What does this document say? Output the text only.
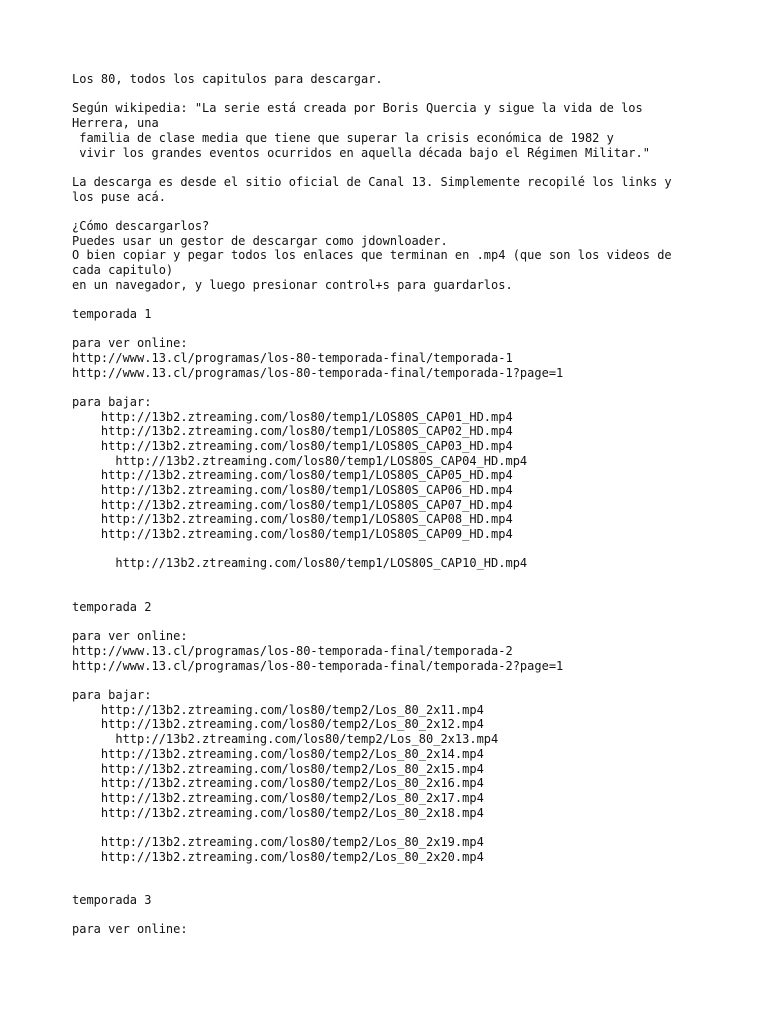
Los 80, todos los capitulos para descargar.

Según wikipedia: "La serie está creada por Boris Quercia y sigue la vida de los

Herrera, una

familia de clase media que tiene que superar la crisis económica de 1982 y

vivir los grandes eventos ocurridos en aquella década bajo el Régimen Militar."

La descarga es desde el sitio oficial de Canal 13. Simplemente recopilé los links y

los puse acá.

¿Cómo descargarlos?

Puedes usar un gestor de descargar como jdownloader.

O bien copiar y pegar todos los enlaces que terminan en .mp4 (que son los videos de

cada capitulo)

en un navegador, y luego presionar control+s para guardarlos.

temporada 1

para ver online:

http://www.13.cl/programas/los-80-temporada-final/temporada-1

http://www.13.cl/programas/los-80-temporada-final/temporada-1?page=1

para bajar:

http://13b2.ztreaming.com/los80/temp1/LOS80S_CAP01_HD.mp4

http://13b2.ztreaming.com/los80/temp1/LOS80S_CAP02_HD.mp4

http://13b2.ztreaming.com/los80/temp1/LOS80S_CAP03_HD.mp4

http://13b2.ztreaming.com/los80/temp1/LOS80S_CAP04_HD.mp4

http://13b2.ztreaming.com/los80/temp1/LOS80S_CAP05_HD.mp4

http://13b2.ztreaming.com/los80/temp1/LOS80S_CAP06_HD.mp4

http://13b2.ztreaming.com/los80/temp1/LOS80S_CAP07_HD.mp4

http://13b2.ztreaming.com/los80/temp1/LOS80S_CAP08_HD.mp4

http://13b2.ztreaming.com/los80/temp1/LOS80S_CAP09_HD.mp4

http://13b2.ztreaming.com/los80/temp1/LOS80S_CAP10_HD.mp4

temporada 2

para ver online:

http://www.13.cl/programas/los-80-temporada-final/temporada-2

http://www.13.cl/programas/los-80-temporada-final/temporada-2?page=1

para bajar:

http://13b2.ztreaming.com/los80/temp2/Los_80_2x11.mp4

http://13b2.ztreaming.com/los80/temp2/Los_80_2x12.mp4

http://13b2.ztreaming.com/los80/temp2/Los_80_2x13.mp4

http://13b2.ztreaming.com/los80/temp2/Los_80_2x14.mp4

http://13b2.ztreaming.com/los80/temp2/Los_80_2x15.mp4

http://13b2.ztreaming.com/los80/temp2/Los_80_2x16.mp4

http://13b2.ztreaming.com/los80/temp2/Los_80_2x17.mp4

http://13b2.ztreaming.com/los80/temp2/Los_80_2x18.mp4

http://13b2.ztreaming.com/los80/temp2/Los_80_2x19.mp4

http://13b2.ztreaming.com/los80/temp2/Los_80_2x20.mp4

temporada 3

para ver online:
